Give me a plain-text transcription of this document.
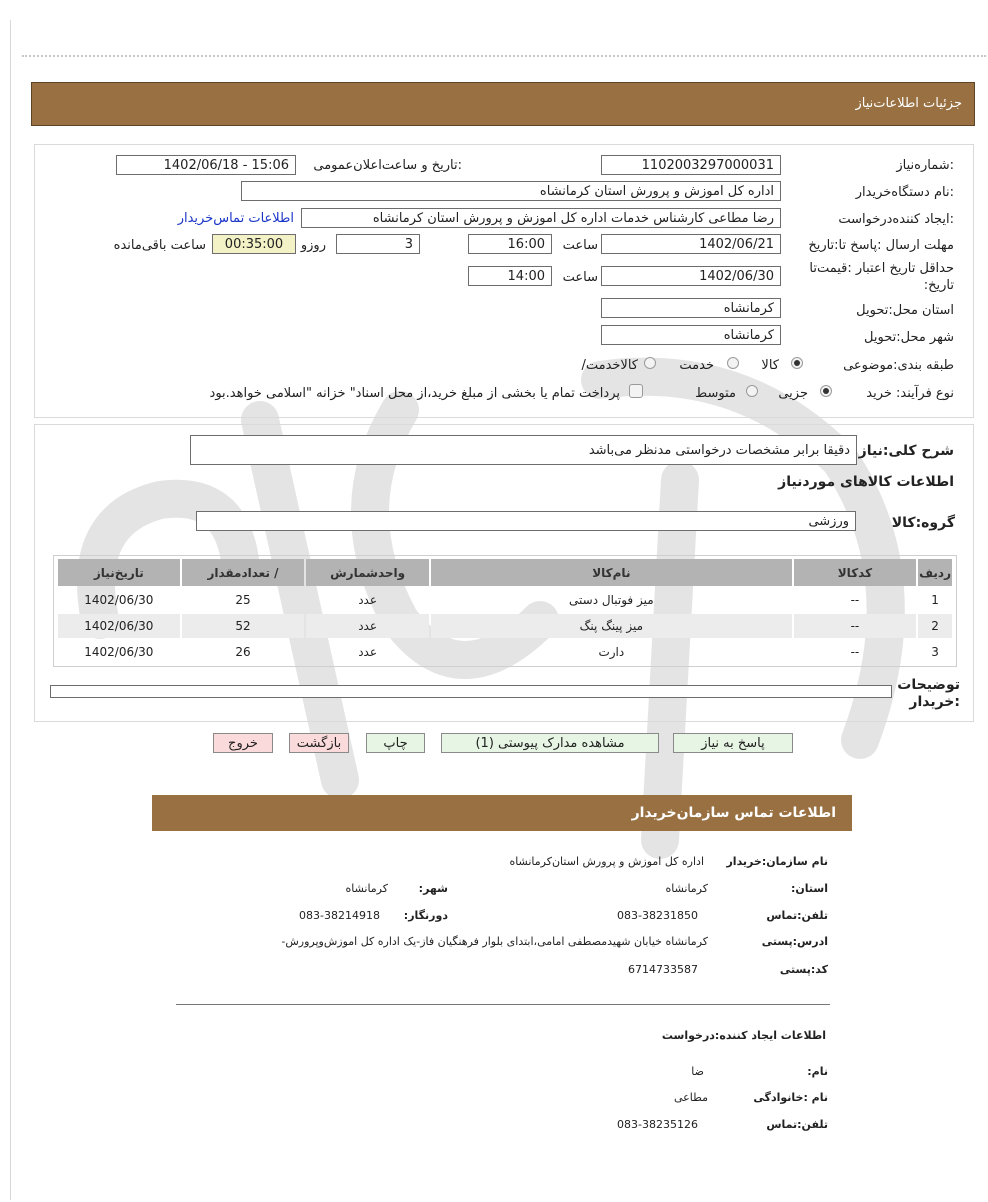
جزئیات اطلاعات‌نیاز
شماره‌نیاز:
1102003297000031
تاریخ و ساعت‌اعلان‌عمومی:
1402/06/18 - 15:06
نام دستگاه‌خریدار:
اداره کل اموزش و پرورش استان کرمانشاه
ایجاد کننده‌درخواست:
رضا مطاعی کارشناس خدمات اداره کل اموزش و پرورش استان کرمانشاه
اطلاعات تماس‌خریدار
مهلت ارسال :پاسخ تا:تاریخ
1402/06/21
ساعت
16:00
3
روزو
00:35:00
ساعت باقی‌مانده
حداقل تاریخ اعتبار :قیمت‌تا
:تاریخ
1402/06/30
ساعت
14:00
استان محل:تحویل
کرمانشاه
شهر محل:تحویل
کرمانشاه
طبقه بندی:موضوعی
کالا
خدمت
/کالاخدمت
نوع فرآیند: خرید
جزیی
متوسط
پرداخت تمام یا بخشی از مبلغ خرید،از محل اسناد" خزانه "اسلامی خواهد.بود
شرح کلی:نیاز
دقیقا برابر مشخصات درخواستی مدنظر می‌باشد
اطلاعات کالاهای موردنیاز
گروه:کالا
ورزشی
ردیف	کدکالا	نام‌کالا	واحدشمارش	/ تعدادمقدار	تاریخ‌نیاز
1	--	میز فوتبال دستی	عدد	25	1402/06/30
2	--	میز پینگ پنگ	عدد	52	1402/06/30
3	--	دارت	عدد	26	1402/06/30
توضیحات :خریدار
پاسخ به نیاز
مشاهده مدارک پیوستی (1)
چاپ
بازگشت
خروج
اطلاعات تماس سازمان‌خریدار
نام سازمان:خریدار
اداره کل اموزش و پرورش استان‌کرمانشاه
:استان
کرمانشاه
:شهر
کرمانشاه
تلفن:تماس
083-38231850
:دورنگار
083-38214918
ادرس:پستی
-کرمانشاه خیابان شهیدمصطفی امامی،ابتدای بلوار فرهنگیان فاز-یک اداره کل اموزش‌وپرورش
کد:پستی
6714733587
اطلاعات ایجاد کننده:درخواست
:نام
ضا
نام :خانوادگی
مطاعی
تلفن:تماس
083-38235126
